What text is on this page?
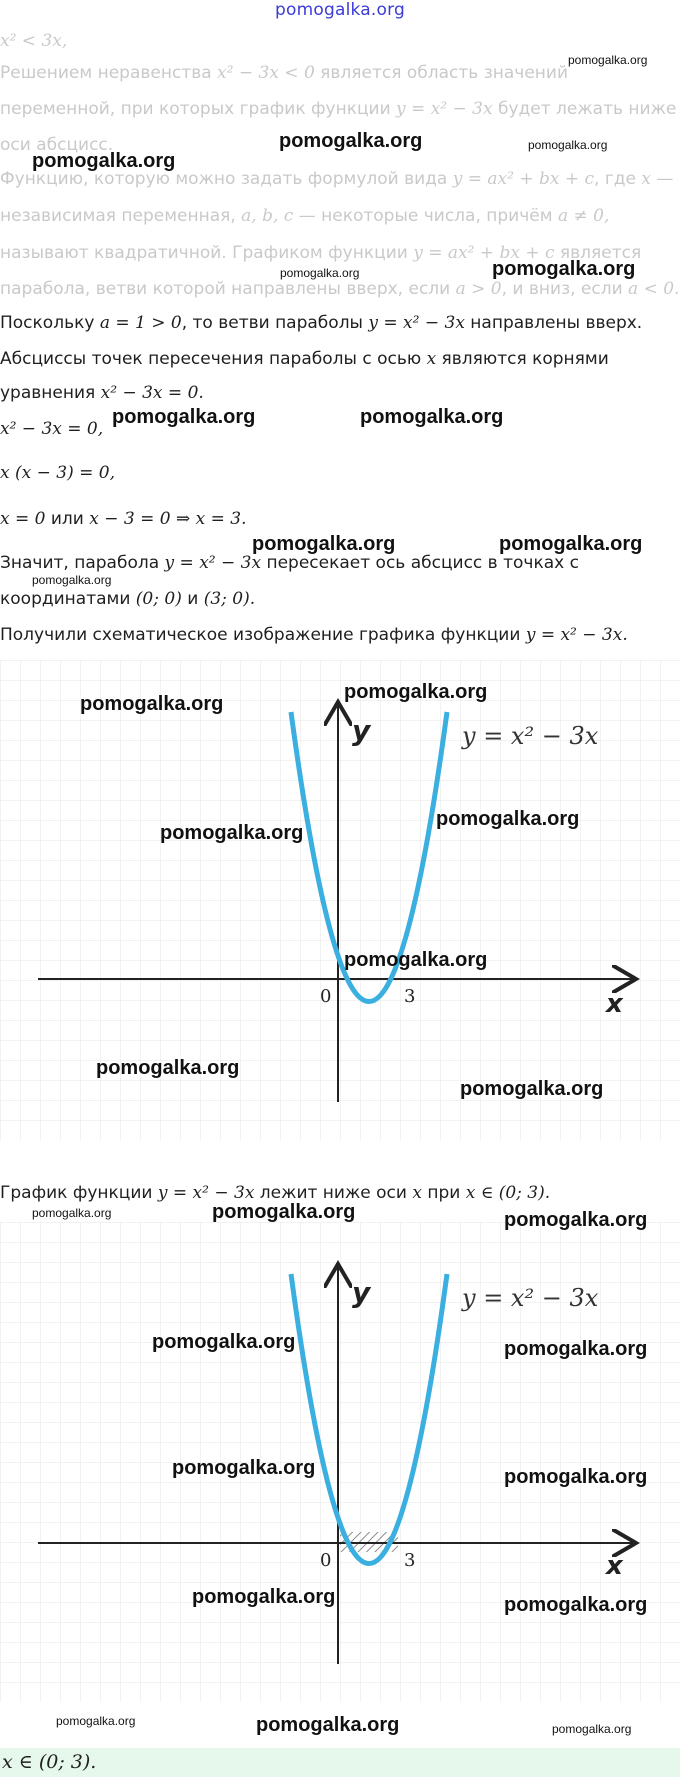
pomogalka.org
x² < 3x,
Решением неравенства x² − 3x < 0 является область значений
переменной, при которых график функции y = x² − 3x будет лежать ниже
оси абсцисс.
Функцию, которую можно задать формулой вида y = ax² + bx + c, где x —
независимая переменная, a, b, c — некоторые числа, причём a ≠ 0,
называют квадратичной. Графиком функции y = ax² + bx + c является
парабола, ветви которой направлены вверх, если a > 0, и вниз, если a < 0.
Поскольку a = 1 > 0, то ветви параболы y = x² − 3x направлены вверх.
Абсциссы точек пересечения параболы с осью x являются корнями
уравнения x² − 3x = 0.
x² − 3x = 0,
x (x − 3) = 0,
x = 0 или x − 3 = 0 ⇒ x = 3.
Значит, парабола y = x² − 3x пересекает ось абсцисс в точках с
координатами (0; 0) и (3; 0).
Получили схематическое изображение графика функции y = x² − 3x.
y
x
0	3
y = x² − 3x
График функции y = x² − 3x лежит ниже оси x при x ∈ (0; 3).
y
x
0	3
y = x² − 3x
x ∈ (0; 3).
pomogalka.org
pomogalka.org
pomogalka.org	pomogalka.org
pomogalka.org	pomogalka.org
pomogalka.org	pomogalka.org
pomogalka.org	pomogalka.org
pomogalka.org
pomogalka.org
pomogalka.org
pomogalka.org
pomogalka.org
pomogalka.org
pomogalka.org
pomogalka.org
pomogalka.org	pomogalka.org	pomogalka.org
pomogalka.org	pomogalka.org
pomogalka.org	pomogalka.org
pomogalka.org	pomogalka.org
pomogalka.org	pomogalka.org	pomogalka.org
